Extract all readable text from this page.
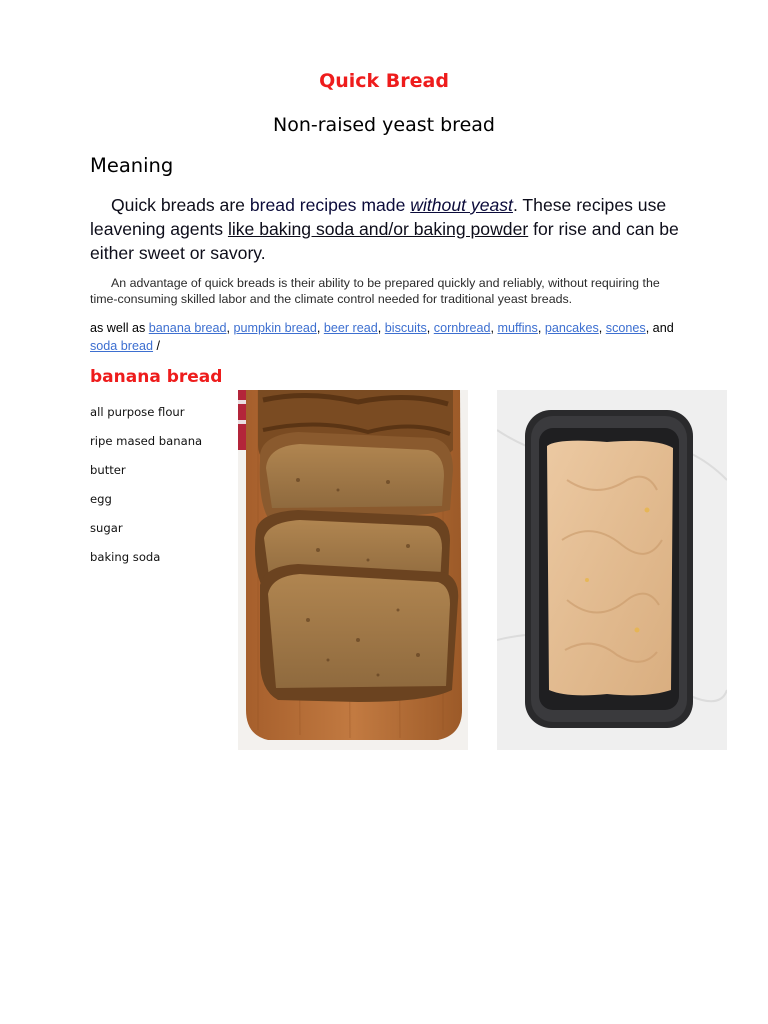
Quick Bread
Non-raised yeast bread
Meaning

Quick breads are bread recipes made without yeast. These recipes use leavening agents like baking soda and/or baking powder for rise and can be either sweet or savory.

An advantage of quick breads is their ability to be prepared quickly and reliably, without requiring the time-consuming skilled labor and the climate control needed for traditional yeast breads.

as well as banana bread, pumpkin bread, beer read, biscuits, cornbread, muffins, pancakes, scones, and soda bread /

banana bread
all purpose flour
ripe mased banana
butter
egg
sugar
baking soda
